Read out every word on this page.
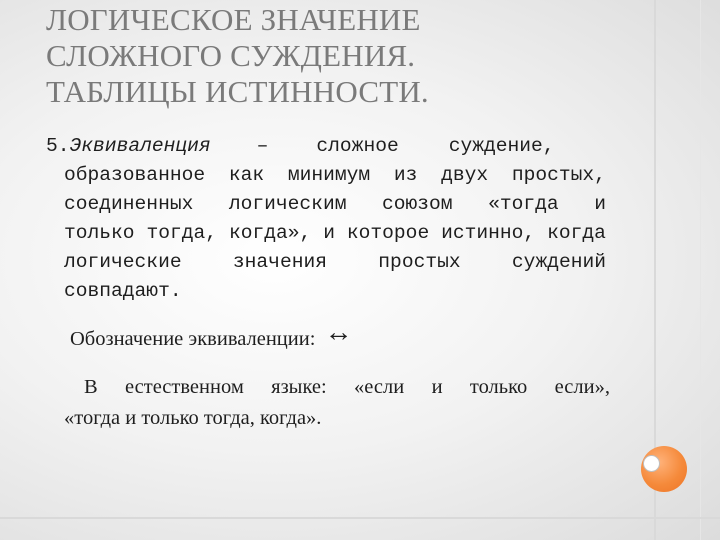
ЛОГИЧЕСКОЕ ЗНАЧЕНИЕ
СЛОЖНОГО СУЖДЕНИЯ.
ТАБЛИЦЫ ИСТИННОСТИ.
5. Эквиваленция – сложное	суждение,
образованное как минимум из двух простых,
соединенных логическим союзом «тогда и
только тогда, когда», и которое истинно, когда
логические	значения	простых	суждений
совпадают.
Обозначение эквиваленции: ↔
В естественном языке: «если и только если»,
«тогда и только тогда, когда».
